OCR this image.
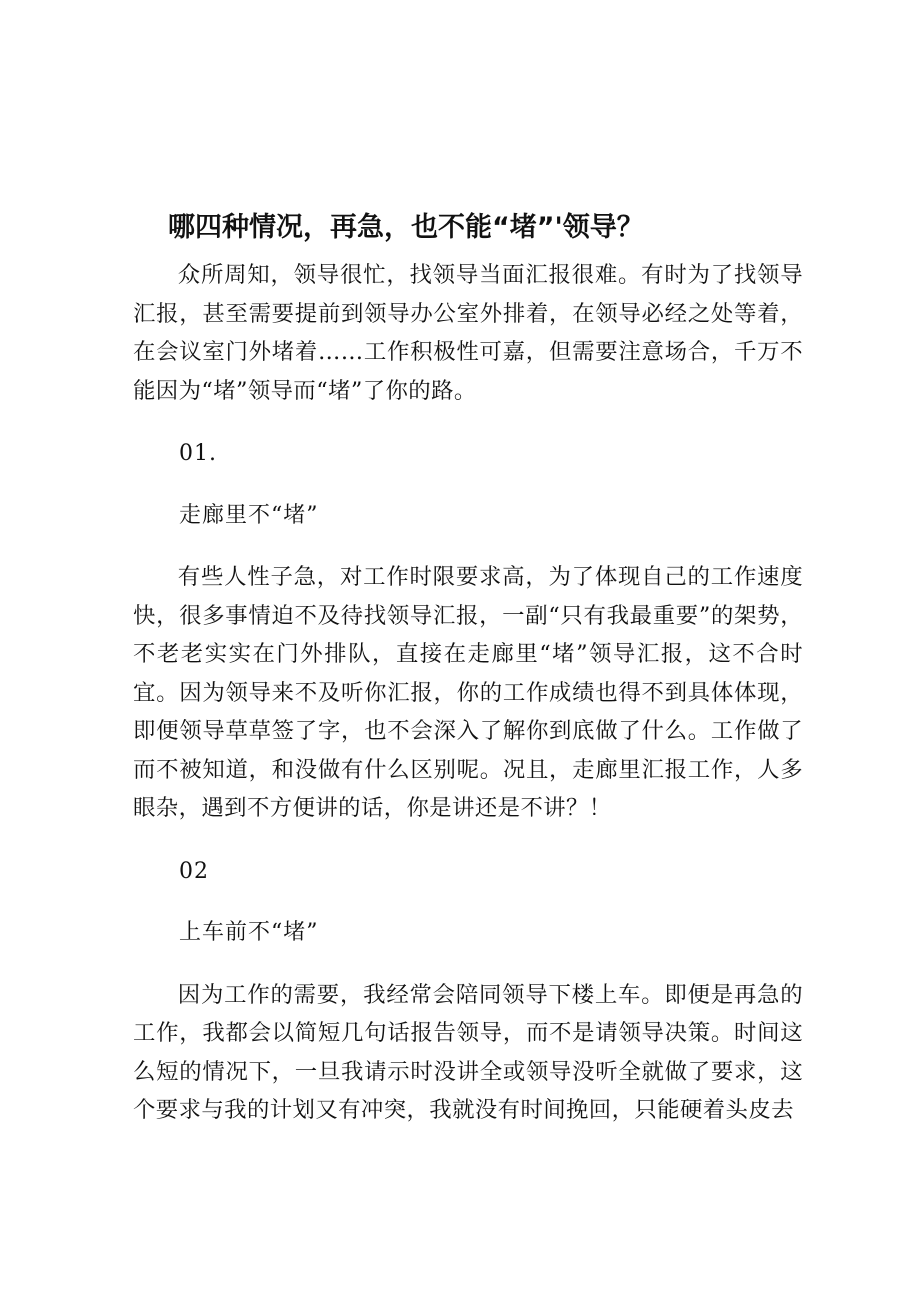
哪四种情况，再急，也不能“堵”'领导？

众所周知，领导很忙，找领导当面汇报很难。有时为了找领导汇报，甚至需要提前到领导办公室外排着，在领导必经之处等着，在会议室门外堵着……工作积极性可嘉，但需要注意场合，千万不能因为“堵”领导而“堵”了你的路。

01.

走廊里不“堵”

有些人性子急，对工作时限要求高，为了体现自己的工作速度快，很多事情迫不及待找领导汇报，一副“只有我最重要”的架势，不老老实实在门外排队，直接在走廊里“堵”领导汇报，这不合时宜。因为领导来不及听你汇报，你的工作成绩也得不到具体体现，即便领导草草签了字，也不会深入了解你到底做了什么。工作做了而不被知道，和没做有什么区别呢。况且，走廊里汇报工作，人多眼杂，遇到不方便讲的话，你是讲还是不讲？！

02

上车前不“堵”

因为工作的需要，我经常会陪同领导下楼上车。即便是再急的工作，我都会以简短几句话报告领导，而不是请领导决策。时间这么短的情况下，一旦我请示时没讲全或领导没听全就做了要求，这个要求与我的计划又有冲突，我就没有时间挽回，只能硬着头皮去
